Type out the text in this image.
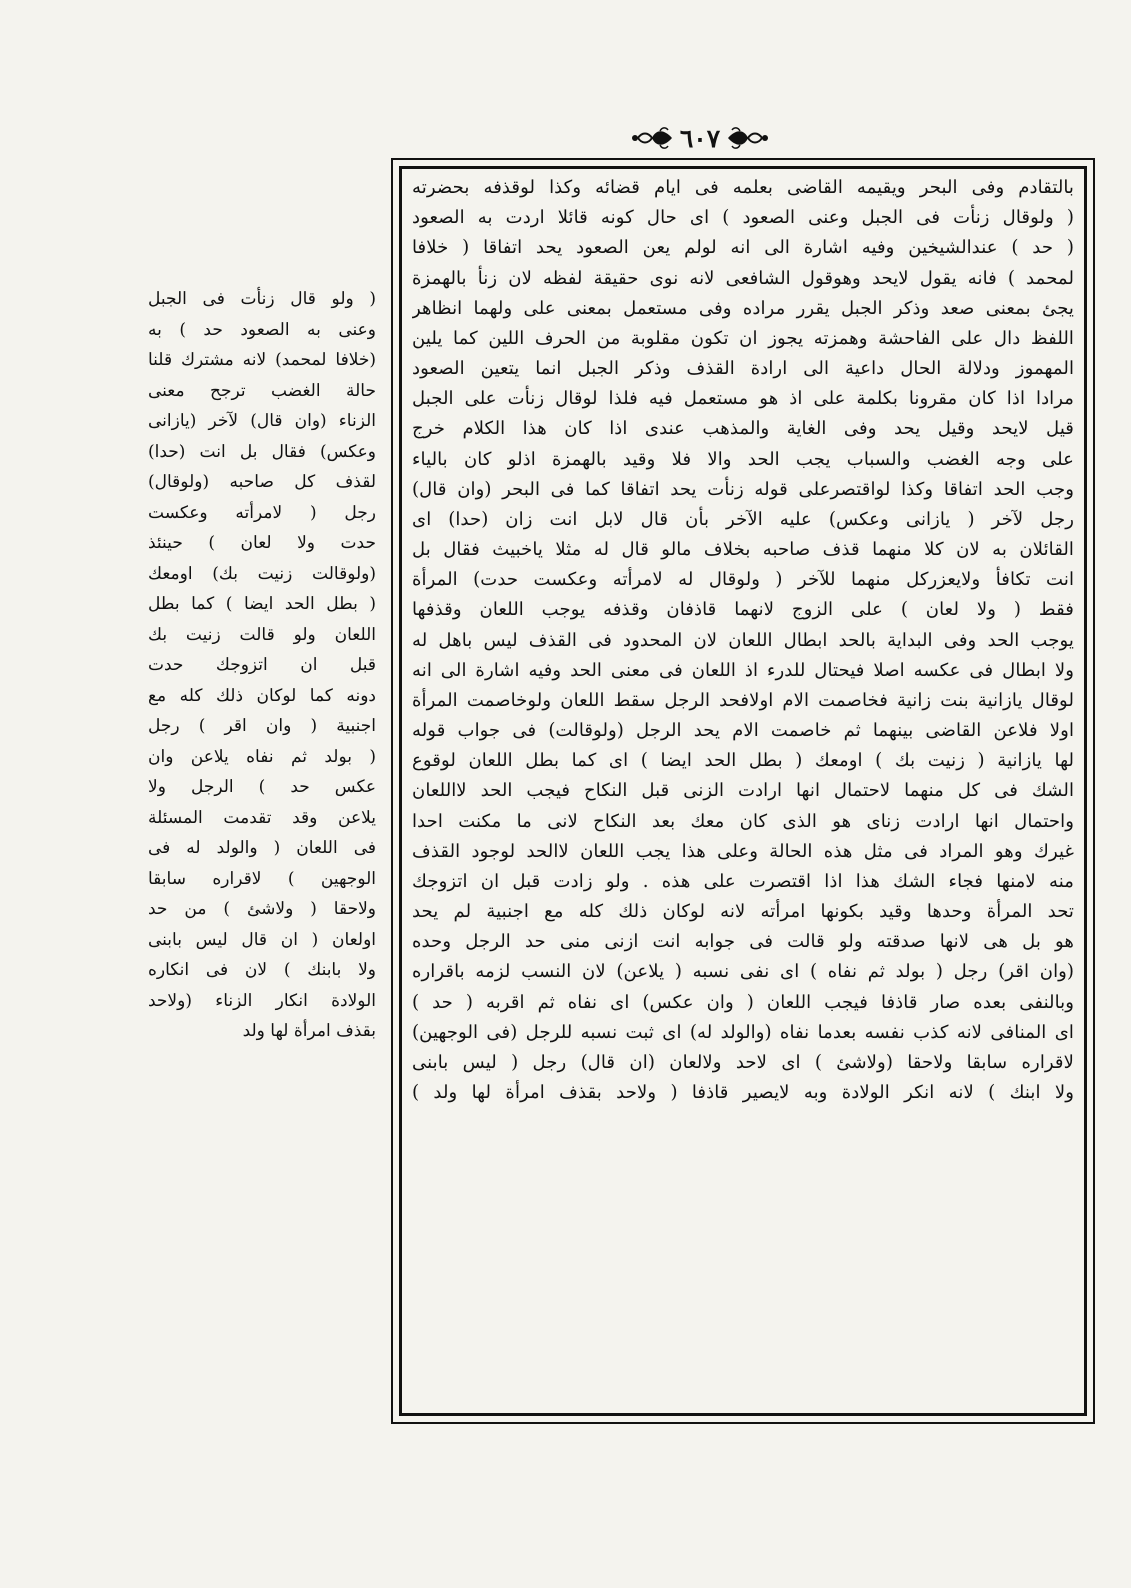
٦٠٧
بالتقادم وفى البحر ويقيمه القاضى بعلمه فى ايام قضائه وكذا لوقذفه بحضرته
( ولوقال زنأت فى الجبل وعنى الصعود ) اى حال كونه قائلا اردت به الصعود
( حد ) عندالشيخين وفيه اشارة الى انه لولم يعن الصعود يحد اتفاقا ( خلافا
لمحمد ) فانه يقول لايحد وهوقول الشافعى لانه نوى حقيقة لفظه لان زنأ بالهمزة
يجئ بمعنى صعد وذكر الجبل يقرر مراده وفى مستعمل بمعنى على ولهما انظاهر
اللفظ دال على الفاحشة وهمزته يجوز ان تكون مقلوبة من الحرف اللين كما يلين
المهموز ودلالة الحال داعية الى ارادة القذف وذكر الجبل انما يتعين الصعود
مرادا اذا كان مقرونا بكلمة على اذ هو مستعمل فيه فلذا لوقال زنأت على الجبل
قيل لايحد وقيل يحد وفى الغاية والمذهب عندى اذا كان هذا الكلام خرج
على وجه الغضب والسباب يجب الحد والا فلا وقيد بالهمزة اذلو كان بالياء
وجب الحد اتفاقا وكذا لواقتصرعلى قوله زنأت يحد اتفاقا كما فى البحر (وان قال)
رجل لآخر ( يازانى وعكس) عليه الآخر بأن قال لابل انت زان (حدا) اى
القائلان به لان كلا منهما قذف صاحبه بخلاف مالو قال له مثلا ياخبيث فقال بل
انت تكافأ ولايعزركل منهما للآخر ( ولوقال له لامرأته وعكست حدت) المرأة
فقط ( ولا لعان ) على الزوج لانهما قاذفان وقذفه يوجب اللعان وقذفها
يوجب الحد وفى البداية بالحد ابطال اللعان لان المحدود فى القذف ليس باهل له
ولا ابطال فى عكسه اصلا فيحتال للدرء اذ اللعان فى معنى الحد وفيه اشارة الى انه
لوقال يازانية بنت زانية فخاصمت الام اولافحد الرجل سقط اللعان ولوخاصمت المرأة
اولا فلاعن القاضى بينهما ثم خاصمت الام يحد الرجل (ولوقالت) فى جواب قوله
لها يازانية ( زنيت بك ) اومعك ( بطل الحد ايضا ) اى كما بطل اللعان لوقوع
الشك فى كل منهما لاحتمال انها ارادت الزنى قبل النكاح فيجب الحد لااللعان
واحتمال انها ارادت زناى هو الذى كان معك بعد النكاح لانى ما مكنت احدا
غيرك وهو المراد فى مثل هذه الحالة وعلى هذا يجب اللعان لاالحد لوجود القذف
منه لامنها فجاء الشك هذا اذا اقتصرت على هذه . ولو زادت قبل ان اتزوجك
تحد المرأة وحدها وقيد بكونها امرأته لانه لوكان ذلك كله مع اجنبية لم يحد
هو بل هى لانها صدقته ولو قالت فى جوابه انت ازنى منى حد الرجل وحده
(وان اقر) رجل ( بولد ثم نفاه ) اى نفى نسبه ( يلاعن) لان النسب لزمه باقراره
وبالنفى بعده صار قاذفا فيجب اللعان ( وان عكس) اى نفاه ثم اقربه ( حد )
اى المنافى لانه كذب نفسه بعدما نفاه (والولد له) اى ثبت نسبه للرجل (فى الوجهين)
لاقراره سابقا ولاحقا (ولاشئ ) اى لاحد ولالعان (ان قال) رجل ( ليس بابنى
ولا ابنك ) لانه انكر الولادة وبه لايصير قاذفا ( ولاحد بقذف امرأة لها ولد )
( ولو قال زنأت فى الجبل
وعنى به الصعود حد ) به
(خلافا لمحمد) لانه مشترك قلنا
حالة الغضب ترجح معنى
الزناء (وان قال) لآخر (يازانى
وعكس) فقال بل انت (حدا)
لقذف كل صاحبه (ولوقال)
رجل ( لامرأته وعكست
حدت ولا لعان ) حينئذ
(ولوقالت زنيت بك) اومعك
( بطل الحد ايضا ) كما بطل
اللعان ولو قالت زنيت بك
قبل ان اتزوجك حدت
دونه كما لوكان ذلك كله مع
اجنبية ( وان اقر ) رجل
( بولد ثم نفاه يلاعن وان
عكس حد ) الرجل ولا
يلاعن وقد تقدمت المسئلة
فى اللعان ( والولد له فى
الوجهين ) لاقراره سابقا
ولاحقا ( ولاشئ ) من حد
اولعان ( ان قال ليس بابنى
ولا بابنك ) لان فى انكاره
الولادة انكار الزناء (ولاحد
بقذف امرأة لها ولد
